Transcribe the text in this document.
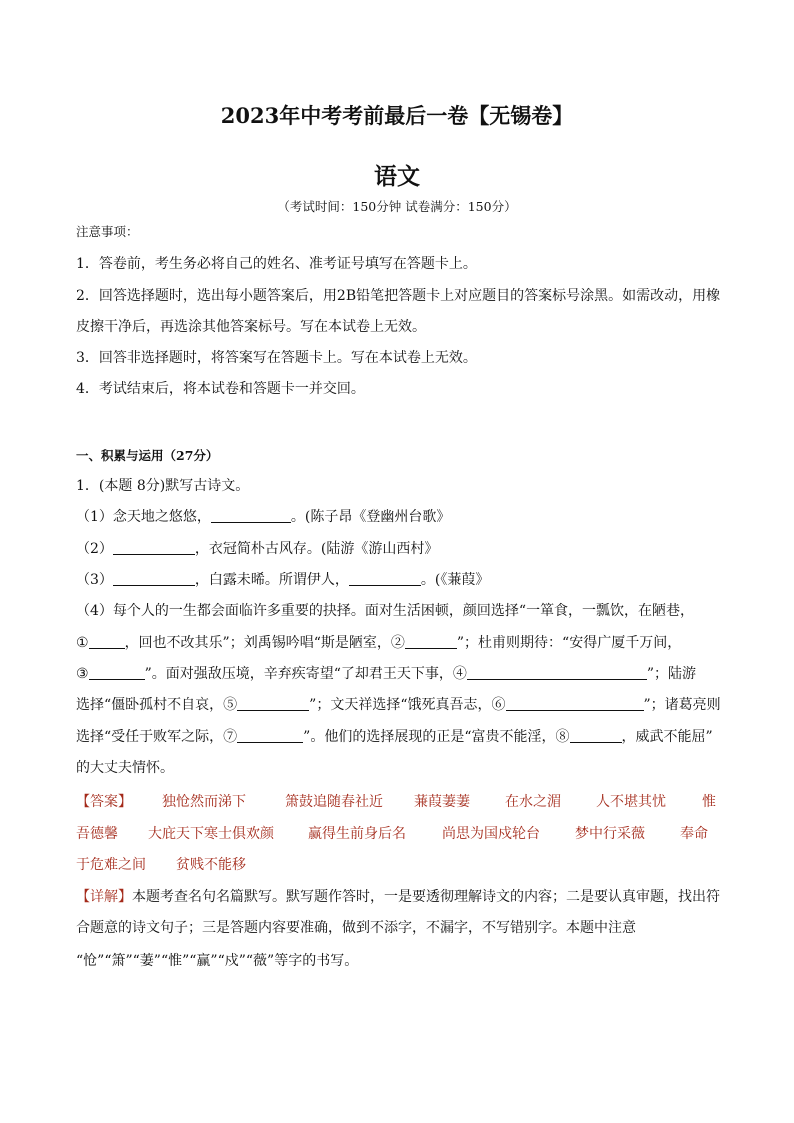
2023年中考考前最后一卷【无锡卷】
语文
（考试时间：150分钟 试卷满分：150分）
注意事项：
1．答卷前，考生务必将自己的姓名、准考证号填写在答题卡上。
2．回答选择题时，选出每小题答案后，用2B铅笔把答题卡上对应题目的答案标号涂黑。如需改动，用橡
皮擦干净后，再选涂其他答案标号。写在本试卷上无效。
3．回答非选择题时，将答案写在答题卡上。写在本试卷上无效。
4．考试结束后，将本试卷和答题卡一并交回。
一、积累与运用（27分）
1．(本题 8分)默写古诗文。
（1）念天地之悠悠，	。(陈子昂《登幽州台歌》
（2）	，衣冠简朴古风存。(陆游《游山西村》
（3）	，白露未晞。所谓伊人，	。(《蒹葭》
（4）每个人的一生都会面临许多重要的抉择。面对生活困顿，颜回选择“一箪食，一瓢饮，在陋巷，
①	，回也不改其乐”；刘禹锡吟唱“斯是陋室，②	”；杜甫则期待：“安得广厦千万间，
③	”。面对强敌压境，辛弃疾寄望“了却君王天下事，④	”；陆游
选择“僵卧孤村不自哀，⑤	”；文天祥选择“饿死真吾志，⑥	”；诸葛亮则
选择“受任于败军之际，⑦	”。他们的选择展现的正是“富贵不能淫，⑧	，威武不能屈”
的大丈夫情怀。
【答案】 独怆然而涕下	箫鼓追随春社近 蒹葭萋萋	在水之湄	人不堪其忧	惟
吾德馨 大庇天下寒士俱欢颜 赢得生前身后名	尚思为国戍轮台	梦中行采薇	奉命
于危难之间 贫贱不能移
【详解】本题考查名句名篇默写。默写题作答时，一是要透彻理解诗文的内容；二是要认真审题，找出符
合题意的诗文句子；三是答题内容要准确，做到不添字，不漏字，不写错别字。本题中注意
“怆”“箫”“萋”“惟”“赢”“戍”“薇”等字的书写。
